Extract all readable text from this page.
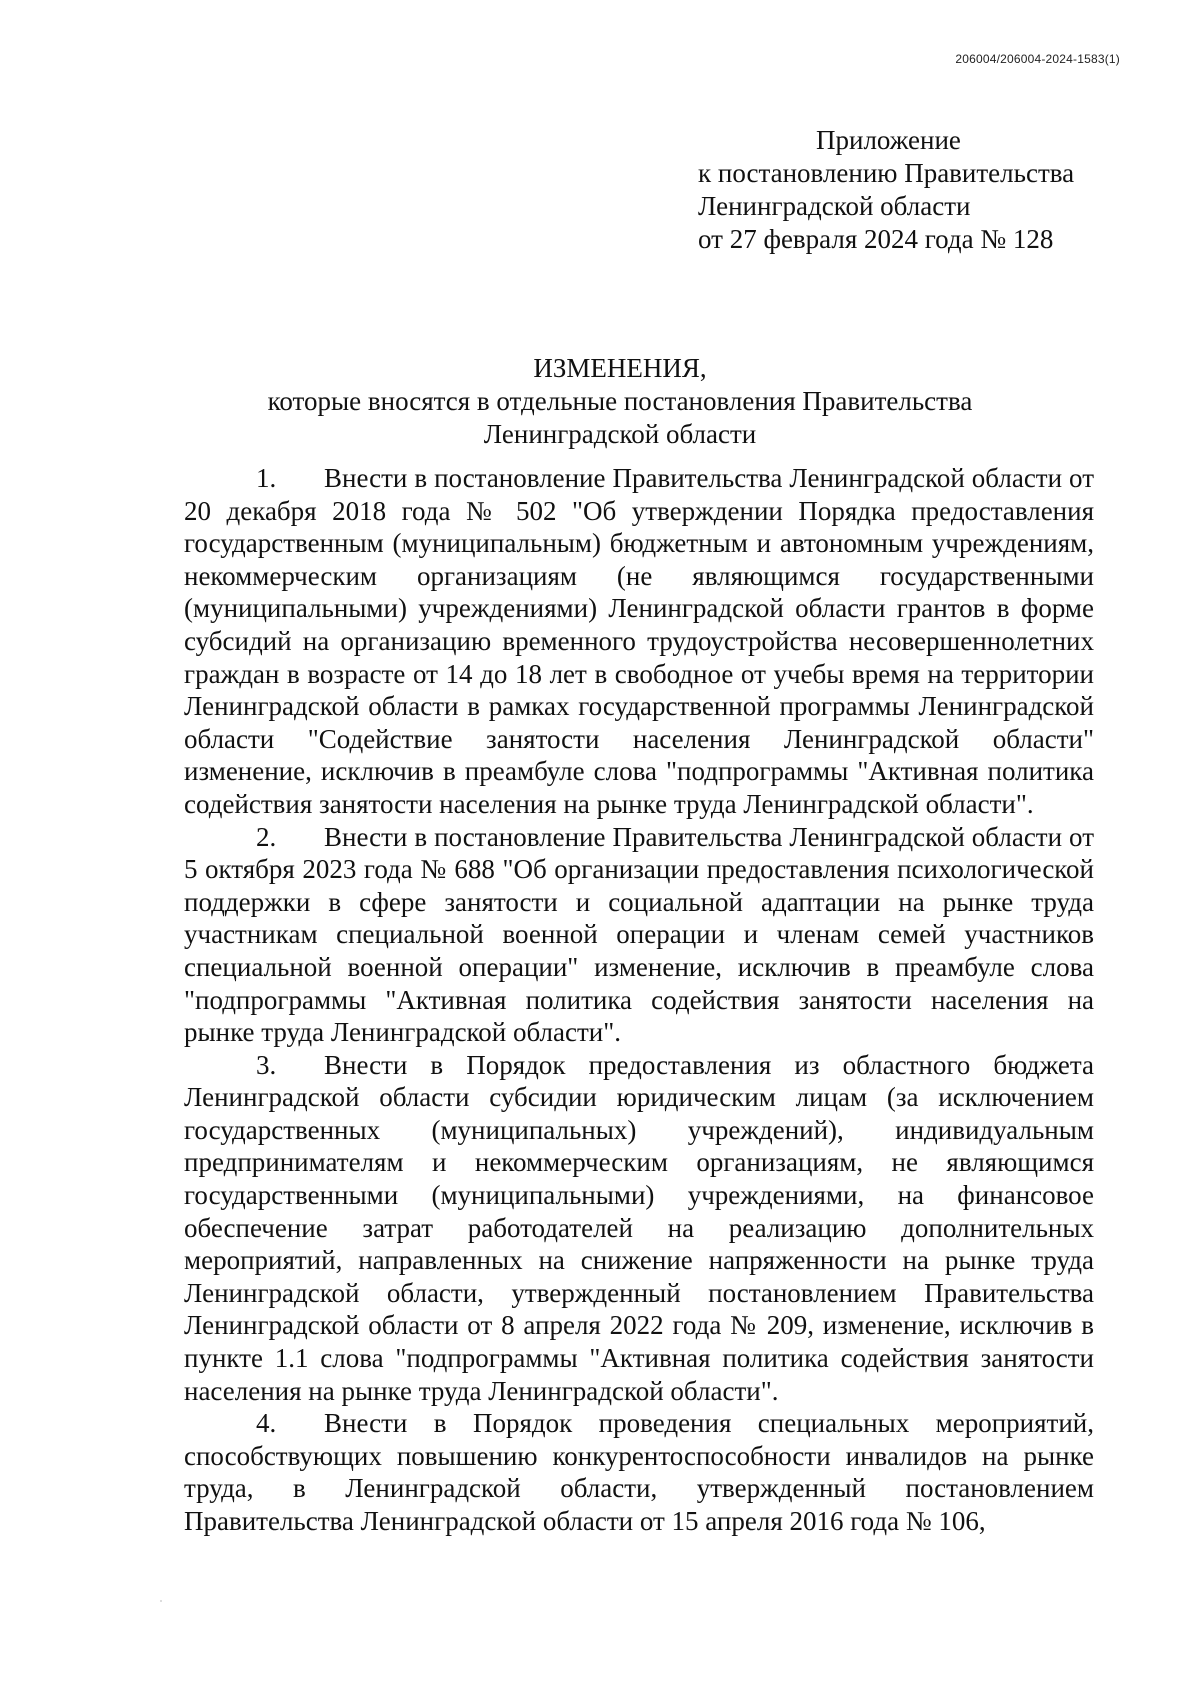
206004/206004-2024-1583(1)
Приложение
к постановлению Правительства
Ленинградской области
от 27 февраля 2024 года № 128
ИЗМЕНЕНИЯ,
которые вносятся в отдельные постановления Правительства
Ленинградской области

1. Внести в постановление Правительства Ленинградской области от 20 декабря 2018 года № 502 "Об утверждении Порядка предоставления государственным (муниципальным) бюджетным и автономным учреждениям, некоммерческим организациям (не являющимся государственными (муниципальными) учреждениями) Ленинградской области грантов в форме субсидий на организацию временного трудоустройства несовершеннолетних граждан в возрасте от 14 до 18 лет в свободное от учебы время на территории Ленинградской области в рамках государственной программы Ленинградской области "Содействие занятости населения Ленинградской области" изменение, исключив в преамбуле слова "подпрограммы "Активная политика содействия занятости населения на рынке труда Ленинградской области".

2. Внести в постановление Правительства Ленинградской области от 5 октября 2023 года № 688 "Об организации предоставления психологической поддержки в сфере занятости и социальной адаптации на рынке труда участникам специальной военной операции и членам семей участников специальной военной операции" изменение, исключив в преамбуле слова "подпрограммы "Активная политика содействия занятости населения на рынке труда Ленинградской области".

3. Внести в Порядок предоставления из областного бюджета Ленинградской области субсидии юридическим лицам (за исключением государственных (муниципальных) учреждений), индивидуальным предпринимателям и некоммерческим организациям, не являющимся государственными (муниципальными) учреждениями, на финансовое обеспечение затрат работодателей на реализацию дополнительных мероприятий, направленных на снижение напряженности на рынке труда Ленинградской области, утвержденный постановлением Правительства Ленинградской области от 8 апреля 2022 года № 209, изменение, исключив в пункте 1.1 слова "подпрограммы "Активная политика содействия занятости населения на рынке труда Ленинградской области".

4. Внести в Порядок проведения специальных мероприятий, способствующих повышению конкурентоспособности инвалидов на рынке труда, в Ленинградской области, утвержденный постановлением Правительства Ленинградской области от 15 апреля 2016 года № 106,
